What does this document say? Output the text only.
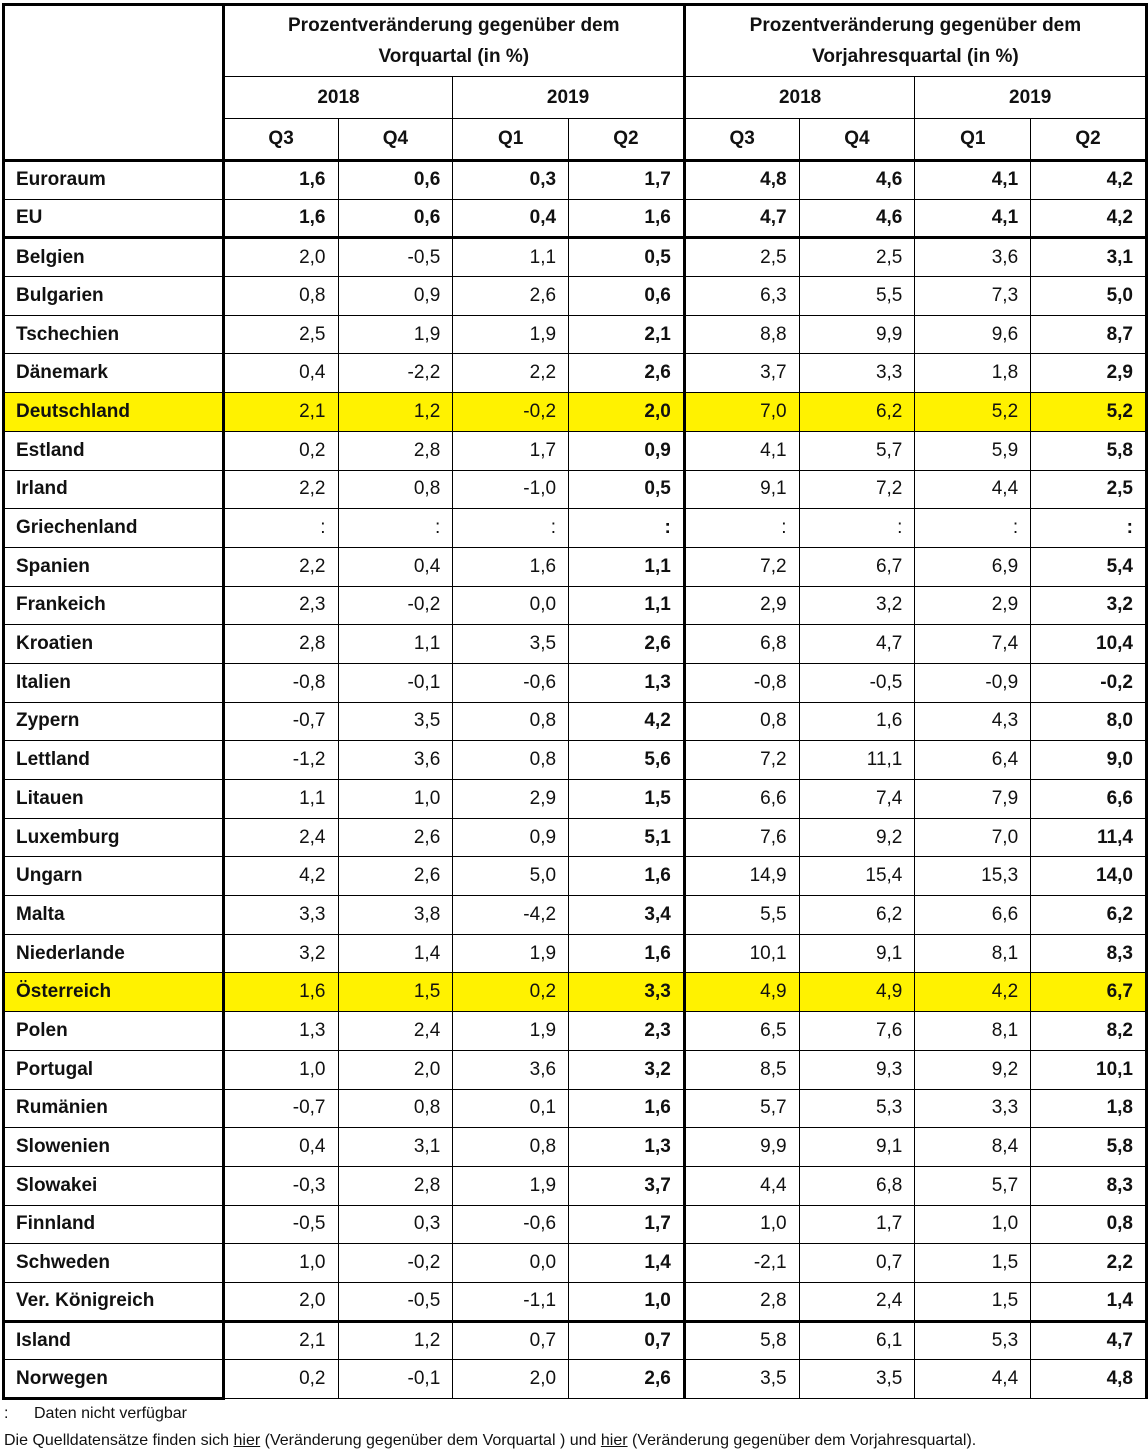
	Prozentveränderung gegenüber dem
Vorquartal (in %)				Prozentveränderung gegenüber dem
Vorjahresquartal (in %)			
	2018		2019		2018		2019	
	Q3	Q4	Q1	Q2	Q3	Q4	Q1	Q2
Euroraum	1,6	0,6	0,3	1,7	4,8	4,6	4,1	4,2
EU	1,6	0,6	0,4	1,6	4,7	4,6	4,1	4,2
Belgien	2,0	-0,5	1,1	0,5	2,5	2,5	3,6	3,1
Bulgarien	0,8	0,9	2,6	0,6	6,3	5,5	7,3	5,0
Tschechien	2,5	1,9	1,9	2,1	8,8	9,9	9,6	8,7
Dänemark	0,4	-2,2	2,2	2,6	3,7	3,3	1,8	2,9
Deutschland	2,1	1,2	-0,2	2,0	7,0	6,2	5,2	5,2
Estland	0,2	2,8	1,7	0,9	4,1	5,7	5,9	5,8
Irland	2,2	0,8	-1,0	0,5	9,1	7,2	4,4	2,5
Griechenland	:	:	:	:	:	:	:	:
Spanien	2,2	0,4	1,6	1,1	7,2	6,7	6,9	5,4
Frankeich	2,3	-0,2	0,0	1,1	2,9	3,2	2,9	3,2
Kroatien	2,8	1,1	3,5	2,6	6,8	4,7	7,4	10,4
Italien	-0,8	-0,1	-0,6	1,3	-0,8	-0,5	-0,9	-0,2
Zypern	-0,7	3,5	0,8	4,2	0,8	1,6	4,3	8,0
Lettland	-1,2	3,6	0,8	5,6	7,2	11,1	6,4	9,0
Litauen	1,1	1,0	2,9	1,5	6,6	7,4	7,9	6,6
Luxemburg	2,4	2,6	0,9	5,1	7,6	9,2	7,0	11,4
Ungarn	4,2	2,6	5,0	1,6	14,9	15,4	15,3	14,0
Malta	3,3	3,8	-4,2	3,4	5,5	6,2	6,6	6,2
Niederlande	3,2	1,4	1,9	1,6	10,1	9,1	8,1	8,3
Österreich	1,6	1,5	0,2	3,3	4,9	4,9	4,2	6,7
Polen	1,3	2,4	1,9	2,3	6,5	7,6	8,1	8,2
Portugal	1,0	2,0	3,6	3,2	8,5	9,3	9,2	10,1
Rumänien	-0,7	0,8	0,1	1,6	5,7	5,3	3,3	1,8
Slowenien	0,4	3,1	0,8	1,3	9,9	9,1	8,4	5,8
Slowakei	-0,3	2,8	1,9	3,7	4,4	6,8	5,7	8,3
Finnland	-0,5	0,3	-0,6	1,7	1,0	1,7	1,0	0,8
Schweden	1,0	-0,2	0,0	1,4	-2,1	0,7	1,5	2,2
Ver. Königreich	2,0	-0,5	-1,1	1,0	2,8	2,4	1,5	1,4
Island	2,1	1,2	0,7	0,7	5,8	6,1	5,3	4,7
Norwegen	0,2	-0,1	2,0	2,6	3,5	3,5	4,4	4,8
: Daten nicht verfügbar
Die Quelldatensätze finden sich hier (Veränderung gegenüber dem Vorquartal ) und hier (Veränderung gegenüber dem Vorjahresquartal).
